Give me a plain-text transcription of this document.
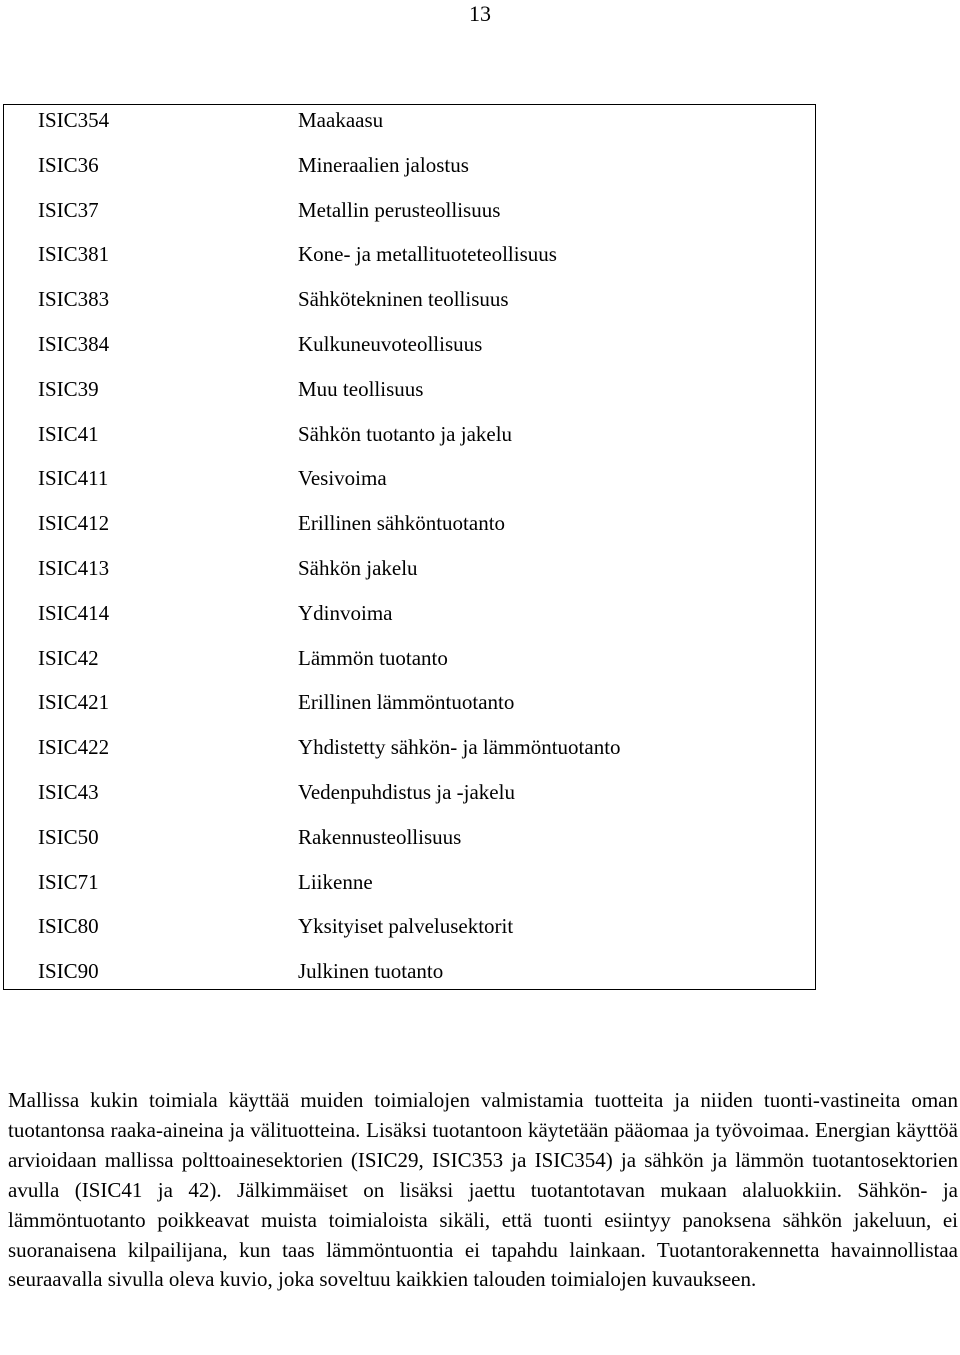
13
ISIC354	Maakaasu
ISIC36	Mineraalien jalostus
ISIC37	Metallin perusteollisuus
ISIC381	Kone- ja metallituoteteollisuus
ISIC383	Sähkötekninen teollisuus
ISIC384	Kulkuneuvoteollisuus
ISIC39	Muu teollisuus
ISIC41	Sähkön tuotanto ja jakelu
ISIC411	Vesivoima
ISIC412	Erillinen sähköntuotanto
ISIC413	Sähkön jakelu
ISIC414	Ydinvoima
ISIC42	Lämmön tuotanto
ISIC421	Erillinen lämmöntuotanto
ISIC422	Yhdistetty sähkön- ja lämmöntuotanto
ISIC43	Vedenpuhdistus ja -jakelu
ISIC50	Rakennusteollisuus
ISIC71	Liikenne
ISIC80	Yksityiset palvelusektorit
ISIC90	Julkinen tuotanto
Mallissa kukin toimiala käyttää muiden toimialojen valmistamia tuotteita ja niiden tuonti-vastineita oman tuotantonsa raaka-aineina ja välituotteina. Lisäksi tuotantoon käytetään pääomaa ja työvoimaa. Energian käyttöä arvioidaan mallissa polttoainesektorien (ISIC29, ISIC353 ja ISIC354) ja sähkön ja lämmön tuotantosektorien avulla (ISIC41 ja 42). Jälkimmäiset on lisäksi jaettu tuotantotavan mukaan alaluokkiin. Sähkön- ja lämmöntuotanto poikkeavat muista toimialoista sikäli, että tuonti esiintyy panoksena sähkön jakeluun, ei suoranaisena kilpailijana, kun taas lämmöntuontia ei tapahdu lainkaan. Tuotantorakennetta havainnollistaa seuraavalla sivulla oleva kuvio, joka soveltuu kaikkien talouden toimialojen kuvaukseen.
